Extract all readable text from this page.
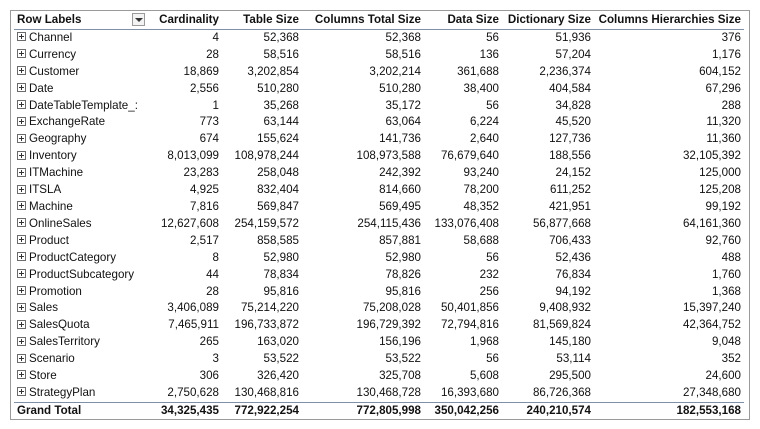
Row Labels	Cardinality	Table Size	Columns Total Size	Data Size	Dictionary Size	Columns Hierarchies Size
Channel	4	52,368	52,368	56	51,936	376
Currency	28	58,516	58,516	136	57,204	1,176
Customer	18,869	3,202,854	3,202,214	361,688	2,236,374	604,152
Date	2,556	510,280	510,280	38,400	404,584	67,296
DateTableTemplate_:	1	35,268	35,172	56	34,828	288
ExchangeRate	773	63,144	63,064	6,224	45,520	11,320
Geography	674	155,624	141,736	2,640	127,736	11,360
Inventory	8,013,099	108,978,244	108,973,588	76,679,640	188,556	32,105,392
ITMachine	23,283	258,048	242,392	93,240	24,152	125,000
ITSLA	4,925	832,404	814,660	78,200	611,252	125,208
Machine	7,816	569,847	569,495	48,352	421,951	99,192
OnlineSales	12,627,608	254,159,572	254,115,436	133,076,408	56,877,668	64,161,360
Product	2,517	858,585	857,881	58,688	706,433	92,760
ProductCategory	8	52,980	52,980	56	52,436	488
ProductSubcategory	44	78,834	78,826	232	76,834	1,760
Promotion	28	95,816	95,816	256	94,192	1,368
Sales	3,406,089	75,214,220	75,208,028	50,401,856	9,408,932	15,397,240
SalesQuota	7,465,911	196,733,872	196,729,392	72,794,816	81,569,824	42,364,752
SalesTerritory	265	163,020	156,196	1,968	145,180	9,048
Scenario	3	53,522	53,522	56	53,114	352
Store	306	326,420	325,708	5,608	295,500	24,600
StrategyPlan	2,750,628	130,468,816	130,468,728	16,393,680	86,726,368	27,348,680
Grand Total	34,325,435	772,922,254	772,805,998	350,042,256	240,210,574	182,553,168
